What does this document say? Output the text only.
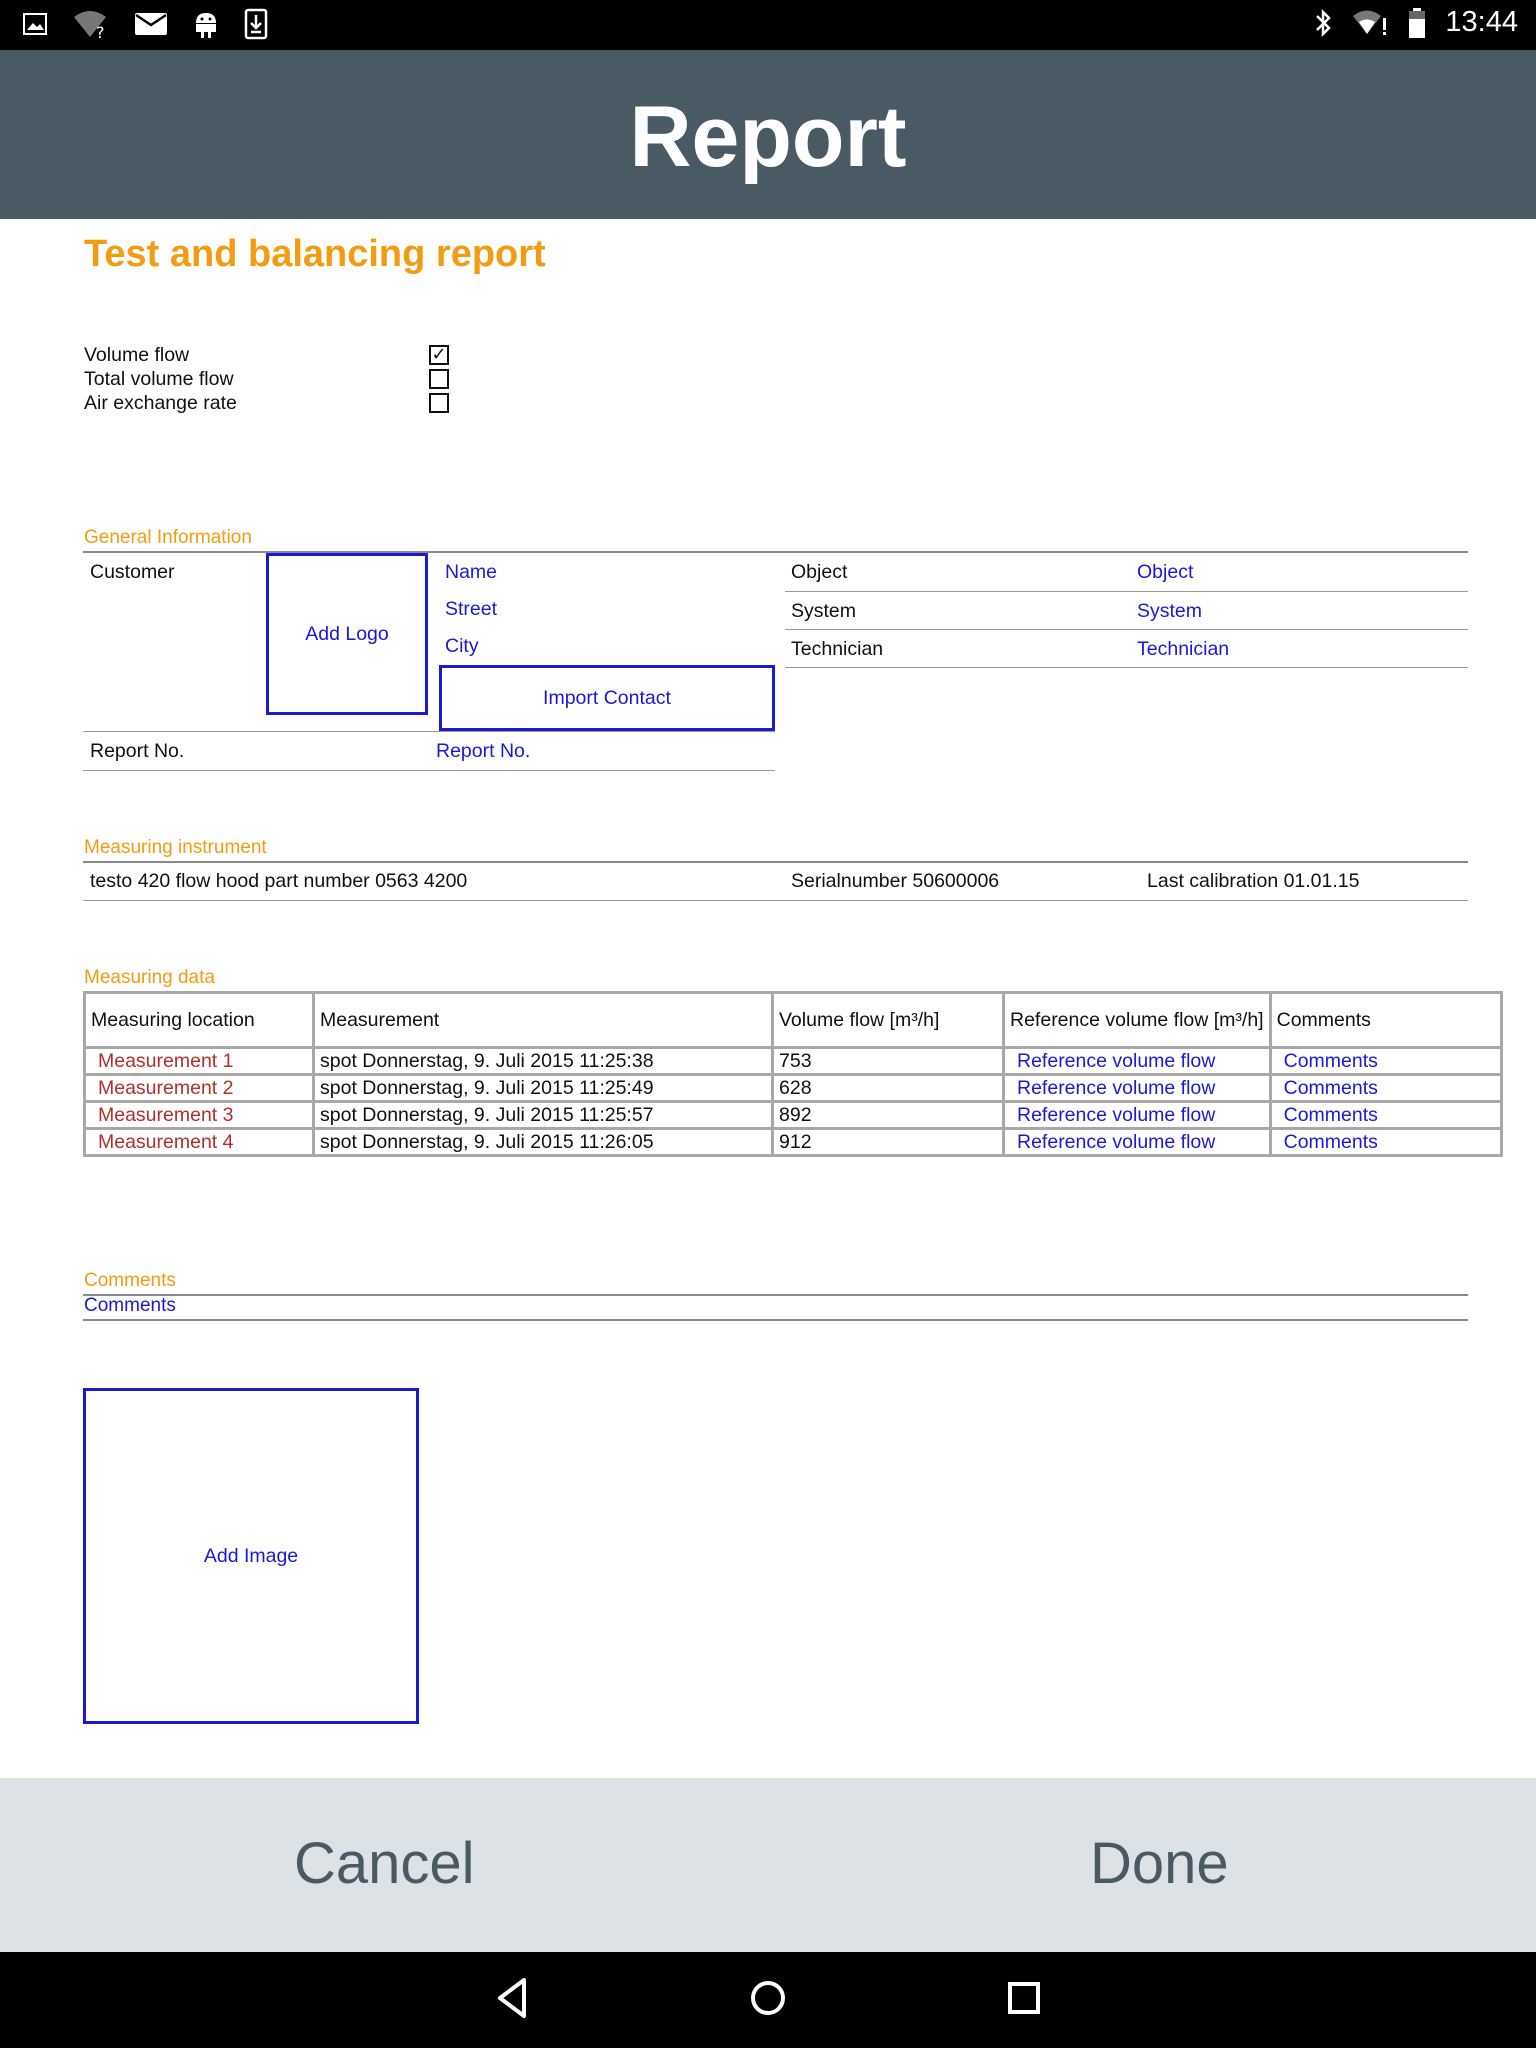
?	13:44
Report
Test and balancing report
Volume flow	✓
Total volume flow
Air exchange rate
General Information
Customer
Add Logo
Name
Street
City
Import Contact
Object	Object
System	System
Technician	Technician
Report No.	Report No.
Measuring instrument
testo 420 flow hood part number 0563 4200	Serialnumber 50600006	Last calibration 01.01.15
Measuring data
Measuring location	Measurement	Volume flow [m³/h]	Reference volume flow [m³/h]	Comments
Measurement 1	spot Donnerstag, 9. Juli 2015 11:25:38	753	Reference volume flow	Comments
Measurement 2	spot Donnerstag, 9. Juli 2015 11:25:49	628	Reference volume flow	Comments
Measurement 3	spot Donnerstag, 9. Juli 2015 11:25:57	892	Reference volume flow	Comments
Measurement 4	spot Donnerstag, 9. Juli 2015 11:26:05	912	Reference volume flow	Comments
Comments
Comments
Add Image
Cancel	Done
